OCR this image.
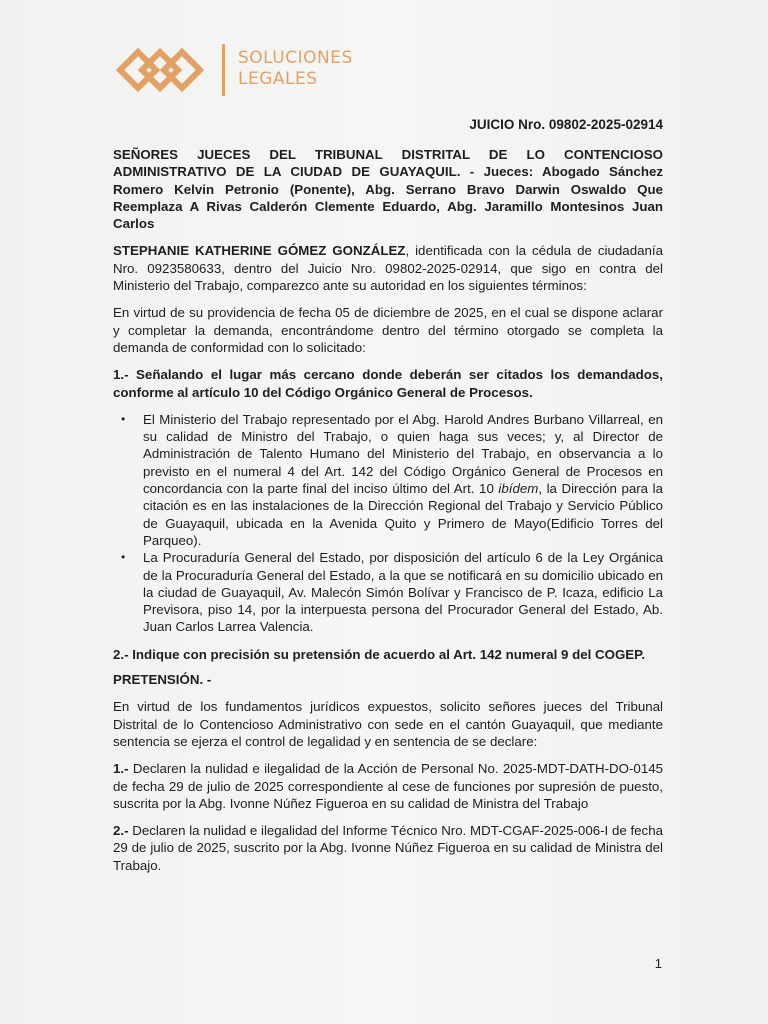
SOLUCIONES
LEGALES
JUICIO Nro. 09802-2025-02914

SEÑORES JUECES DEL TRIBUNAL DISTRITAL DE LO CONTENCIOSO ADMINISTRATIVO DE LA CIUDAD DE GUAYAQUIL. - Jueces: Abogado Sánchez Romero Kelvin Petronio (Ponente), Abg. Serrano Bravo Darwin Oswaldo Que Reemplaza A Rivas Calderón Clemente Eduardo, Abg. Jaramillo Montesinos Juan Carlos

STEPHANIE KATHERINE GÓMEZ GONZÁLEZ, identificada con la cédula de ciudadanía Nro. 0923580633, dentro del Juicio Nro. 09802-2025-02914, que sigo en contra del Ministerio del Trabajo, comparezco ante su autoridad en los siguientes términos:

En virtud de su providencia de fecha 05 de diciembre de 2025, en el cual se dispone aclarar y completar la demanda, encontrándome dentro del término otorgado se completa la demanda de conformidad con lo solicitado:

1.- Señalando el lugar más cercano donde deberán ser citados los demandados, conforme al artículo 10 del Código Orgánico General de Procesos.

• El Ministerio del Trabajo representado por el Abg. Harold Andres Burbano Villarreal, en su calidad de Ministro del Trabajo, o quien haga sus veces; y, al Director de Administración de Talento Humano del Ministerio del Trabajo, en observancia a lo previsto en el numeral 4 del Art. 142 del Código Orgánico General de Procesos en concordancia con la parte final del inciso último del Art. 10 ibídem, la Dirección para la citación es en las instalaciones de la Dirección Regional del Trabajo y Servicio Público de Guayaquil, ubicada en la Avenida Quito y Primero de Mayo(Edificio Torres del Parqueo).
• La Procuraduría General del Estado, por disposición del artículo 6 de la Ley Orgánica de la Procuraduría General del Estado, a la que se notificará en su domicilio ubicado en la ciudad de Guayaquil, Av. Malecón Simón Bolívar y Francisco de P. Icaza, edificio La Previsora, piso 14, por la interpuesta persona del Procurador General del Estado, Ab. Juan Carlos Larrea Valencia.

2.- Indique con precisión su pretensión de acuerdo al Art. 142 numeral 9 del COGEP.

PRETENSIÓN. -

En virtud de los fundamentos jurídicos expuestos, solicito señores jueces del Tribunal Distrital de lo Contencioso Administrativo con sede en el cantón Guayaquil, que mediante sentencia se ejerza el control de legalidad y en sentencia de se declare:

1.- Declaren la nulidad e ilegalidad de la Acción de Personal No. 2025-MDT-DATH-DO-0145 de fecha 29 de julio de 2025 correspondiente al cese de funciones por supresión de puesto, suscrita por la Abg. Ivonne Núñez Figueroa en su calidad de Ministra del Trabajo

2.- Declaren la nulidad e ilegalidad del Informe Técnico Nro. MDT-CGAF-2025-006-I de fecha 29 de julio de 2025, suscrito por la Abg. Ivonne Núñez Figueroa en su calidad de Ministra del Trabajo.

1
